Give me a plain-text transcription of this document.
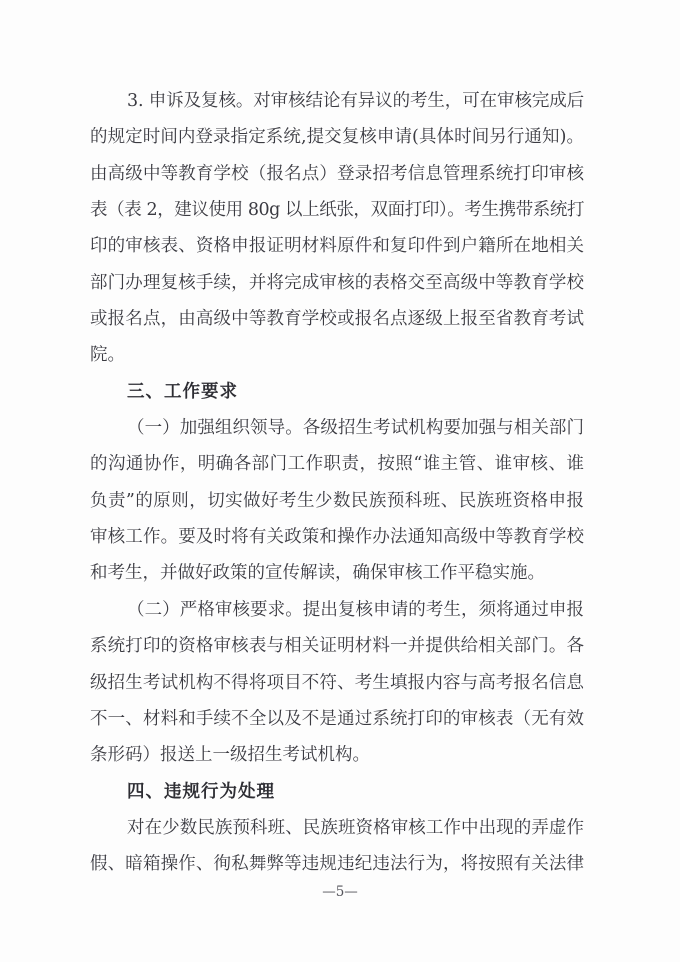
3. 申诉及复核。对审核结论有异议的考生，可在审核完成后
的规定时间内登录指定系统,提交复核申请(具体时间另行通知)。
由高级中等教育学校（报名点）登录招考信息管理系统打印审核
表（表 2，建议使用 80g 以上纸张，双面打印）。考生携带系统打
印的审核表、资格申报证明材料原件和复印件到户籍所在地相关
部门办理复核手续，并将完成审核的表格交至高级中等教育学校
或报名点，由高级中等教育学校或报名点逐级上报至省教育考试
院。
三、工作要求
（一）加强组织领导。各级招生考试机构要加强与相关部门
的沟通协作，明确各部门工作职责，按照“谁主管、谁审核、谁
负责”的原则，切实做好考生少数民族预科班、民族班资格申报
审核工作。要及时将有关政策和操作办法通知高级中等教育学校
和考生，并做好政策的宣传解读，确保审核工作平稳实施。
（二）严格审核要求。提出复核申请的考生，须将通过申报
系统打印的资格审核表与相关证明材料一并提供给相关部门。各
级招生考试机构不得将项目不符、考生填报内容与高考报名信息
不一、材料和手续不全以及不是通过系统打印的审核表（无有效
条形码）报送上一级招生考试机构。
四、违规行为处理
对在少数民族预科班、民族班资格审核工作中出现的弄虚作
假、暗箱操作、徇私舞弊等违规违纪违法行为，将按照有关法律
—5—
